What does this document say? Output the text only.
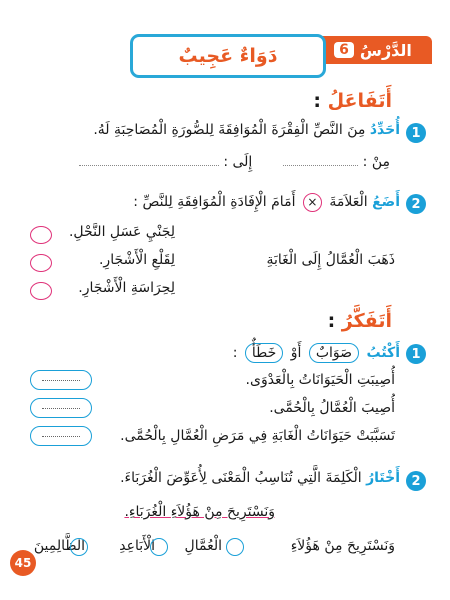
الدَّرْسُ
6
دَوَاءٌ عَجِيبٌ
أَتَفَاعَلُ :
1
أُحَدِّدُ مِنَ النَّصِّ الْفِقْرَةَ الْمُوَافِقَةَ لِلصُّورَةِ الْمُصَاحِبَةِ لَهُ.
مِنْ :   إِلَى :
2
أَضَعُ الْعَلاَمَةَ × أَمَامَ الْإِفَادَةِ الْمُوَافِقَةِ لِلنَّصِّ :
ذَهَبَ الْعُمَّالُ إِلَى الْغَابَةِ
لِجَنْيِ عَسَلِ النَّحْلِ.
لِقَلْعِ الْأَشْجَارِ.
لِحِرَاسَةِ الْأَشْجَارِ.
أَتَفَكَّرُ :
1
أَكْتُبُ صَوَابٌ أَوْ خَطَأٌ :
أُصِيبَتِ الْحَيَوَانَاتُ بِالْعَدْوَى.
أُصِيبَ الْعُمَّالُ بِالْحُمَّى.
تَسَبَّبَتْ حَيَوَانَاتُ الْغَابَةِ فِي مَرَضِ الْعُمَّالِ بِالْحُمَّى.
2
أَخْتَارُ الْكَلِمَةَ الَّتِي تُنَاسِبُ الْمَعْنَى لِأُعَوِّضَ الْغُرَبَاءَ.
وَنَسْتَرِيحَ مِنْ هَؤُلاَءِ الْغُرَبَاءِ.
وَنَسْتَرِيحَ مِنْ هَؤُلاَءِ
الْعُمَّالِ
الْأَبَاعِدِ
الظَّالِمِينَ
45
